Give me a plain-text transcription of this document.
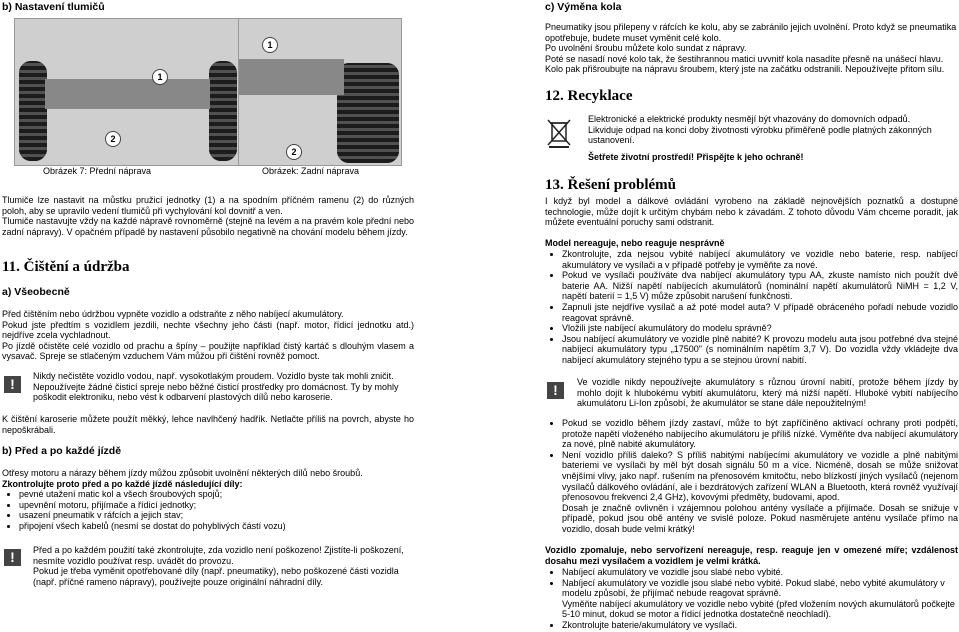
b) Nastavení tlumičů
1
2
1
2
Obrázek 7: Přední náprava	Obrázek: Zadní náprava

Tlumiče lze nastavit na můstku pružicí jednotky (1) a na spodním příčném ramenu (2) do různých poloh, aby se upravilo vedení tlumičů při vychylování kol dovnitř a ven.

Tlumiče nastavujte vždy na každé nápravě rovnoměrně (stejně na levém a na pravém kole přední nebo zadní nápravy). V opačném případě by nastavení působilo negativně na chování modelu během jízdy.

11. Čištění a údržba
a) Všeobecně

Před čištěním nebo údržbou vypněte vozidlo a odstraňte z něho nabíjecí akumulátory.

Pokud jste předtím s vozidlem jezdili, nechte všechny jeho části (např. motor, řídicí jednotku atd.) nejdříve zcela vychladnout.

Po jízdě očistěte celé vozidlo od prachu a špíny – použijte například čistý kartáč s dlouhým vlasem a vysavač. Spreje se stlačeným vzduchem Vám můžou při čištění rovněž pomoct.

!	Nikdy nečistěte vozidlo vodou, např. vysokotlakým proudem. Vozidlo byste tak mohli zničit.

Nepoužívejte žádné čisticí spreje nebo běžné čisticí prostředky pro domácnost. Ty by mohly poškodit elektroniku, nebo vést k odbarvení plastových dílů nebo karoserie.

K čištění karoserie můžete použít měkký, lehce navlhčený hadřík. Netlačte příliš na povrch, abyste ho nepoškrábali.

b) Před a po každé jízdě

Otřesy motoru a nárazy během jízdy můžou způsobit uvolnění některých dílů nebo šroubů.

Zkontrolujte proto před a po každé jízdě následující díly:

• pevné utažení matic kol a všech šroubových spojů;
• upevnění motoru, přijímače a řídicí jednotky;
• usazení pneumatik v ráfcích a jejich stav;
• připojení všech kabelů (nesmí se dostat do pohyblivých částí vozu)
!	Před a po každém použití také zkontrolujte, zda vozidlo není poškozeno! Zjistíte-li poškození, nesmíte vozidlo používat resp. uvádět do provozu.

Pokud je třeba vyměnit opotřebované díly (např. pneumatiky), nebo poškozené části vozidla (např. příčné rameno nápravy), používejte pouze originální náhradní díly.

c) Výměna kola

Pneumatiky jsou přilepeny v ráfcích ke kolu, aby se zabránilo jejich uvolnění. Proto když se pneumatika opotřebuje, budete muset vyměnit celé kolo.

Po uvolnění šroubu můžete kolo sundat z nápravy.

Poté se nasadí nové kolo tak, že šestihrannou matici uvvnitř kola nasadíte přesně na unášecí hlavu.

Kolo pak přišroubujte na nápravu šroubem, který jste na začátku odstranili. Nepoužívejte přitom sílu.

12. Recyklace

Elektronické a elektrické produkty nesmějí být vhazovány do domovních odpadů. Likviduje odpad na konci doby životnosti výrobku přiměřeně podle platných zákonných ustanovení.

Šetřete životní prostředí! Přispějte k jeho ochraně!

13. Řešení problémů

I když byl model a dálkové ovládání vyrobeno na základě nejnovějších poznatků a dostupné technologie, může dojít k určitým chybám nebo k závadám. Z tohoto důvodu Vám chceme poradit, jak můžete eventuální poruchy sami odstranit.

Model nereaguje, nebo reaguje nesprávně

• Zkontrolujte, zda nejsou vybité nabíjecí akumulátory ve vozidle nebo baterie, resp. nabíjecí akumulátory ve vysílači a v případě potřeby je vyměňte za nové.
• Pokud ve vysílači používáte dva nabíjecí akumulátory typu AA, zkuste namísto nich použít dvě baterie AA. Nižší napětí nabíjecích akumulátorů (nominální napětí akumulátorů NiMH = 1,2 V, napětí baterií = 1,5 V) může způsobit narušení funkčnosti.
• Zapnuli jste nejdříve vysílač a až poté model auta? V případě obráceného pořadí nebude vozidlo reagovat správně.
• Vložili jste nabíjecí akumulátory do modelu správně?
• Jsou nabíjecí akumulátory ve vozidle plně nabité? K provozu modelu auta jsou potřebné dva stejné nabíjecí akumulátory typu „17500" (s nominálním napětím 3,7 V). Do vozidla vždy vkládejte dva nabíjecí akumulátory stejného typu a se stejnou úrovní nabití.
!	Ve vozidle nikdy nepoužívejte akumulátory s různou úrovní nabití, protože během jízdy by mohlo dojít k hlubokému vybití akumulátoru, který má nižší napětí. Hluboké vybití nabíjecího akumulátoru Li-Ion způsobí, že akumulátor se stane dále nepoužitelným!

• Pokud se vozidlo během jízdy zastaví, může to být zapříčiněno aktivací ochrany proti podpětí, protože napětí vloženého nabíjecího akumulátoru je příliš nízké. Vyměňte dva nabíjecí akumulátory za nové, plně nabité akumulátory.
• Není vozidlo příliš daleko? S příliš nabitými nabíjecími akumulátory ve vozidle a plně nabitými bateriemi ve vysílači by měl být dosah signálu 50 m a více. Nicméně, dosah se může snižovat vnějšími vlivy, jako např. rušením na přenosovém kmitočtu, nebo blízkostí jiných vysílačů (nejenom vysílačů dálkového ovládání, ale i bezdrátových zařízení WLAN a Bluetooth, která rovněž využívají přenosovou frekvenci 2,4 GHz), kovovými předměty, budovami, apod.
Dosah je značně ovlivněn i vzájemnou polohou antény vysílače a přijímače. Dosah se snižuje v případě, pokud jsou obě antény ve svislé poloze. Pokud nasměrujete anténu vysílače přímo na vozidlo, dosah bude velmi krátký!

Vozidlo zpomaluje, nebo servořízení nereaguje, resp. reaguje jen v omezené míře; vzdálenost dosahu mezi vysílačem a vozidlem je velmi krátká.

• Nabíjecí akumulátory ve vozidle jsou slabé nebo vybité.
• Nabíjecí akumulátory ve vozidle jsou slabé nebo vybité. Pokud slabé, nebo vybité akumulátory v modelu způsobí, že přijímač nebude reagovat správně.
Vyměňte nabíjecí akumulátory ve vozidle nebo vybité (před vložením nových akumulátorů počkejte 5-10 minut, dokud se motor a řídicí jednotka dostatečně neochladí).
• Zkontrolujte baterie/akumulátory ve vysílači.
